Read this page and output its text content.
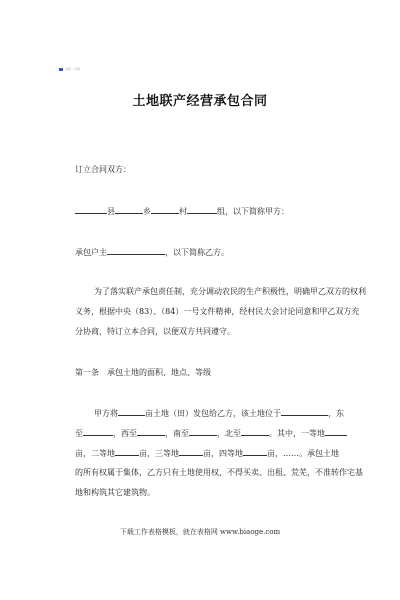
文档 · 合同
土地联产经营承包合同
订立合同双方：
县	乡	村	组，以下简称甲方：
承包户主	，以下简称乙方。
为了落实联产承包责任制，充分调动农民的生产积极性，明确甲乙双方的权利
义务，根据中央（83）、（84）一号文件精神，经村民大会讨论同意和甲乙双方充
分协商，特订立本合同，以便双方共同遵守。
第一条　承包土地的面积、地点、等级
甲方将	亩土地（田）发包给乙方，该土地位于	，东
至	，西至	，南至	，北至	。其中，一等地
亩，二等地	亩，三等地	亩，四等地	亩，……。承包土地
的所有权属于集体，乙方只有土地使用权，不得买卖、出租、荒芜，不准转作宅基
地和构筑其它建筑物。
下载工作表格模板，就在表格网 www.biaoge.com
